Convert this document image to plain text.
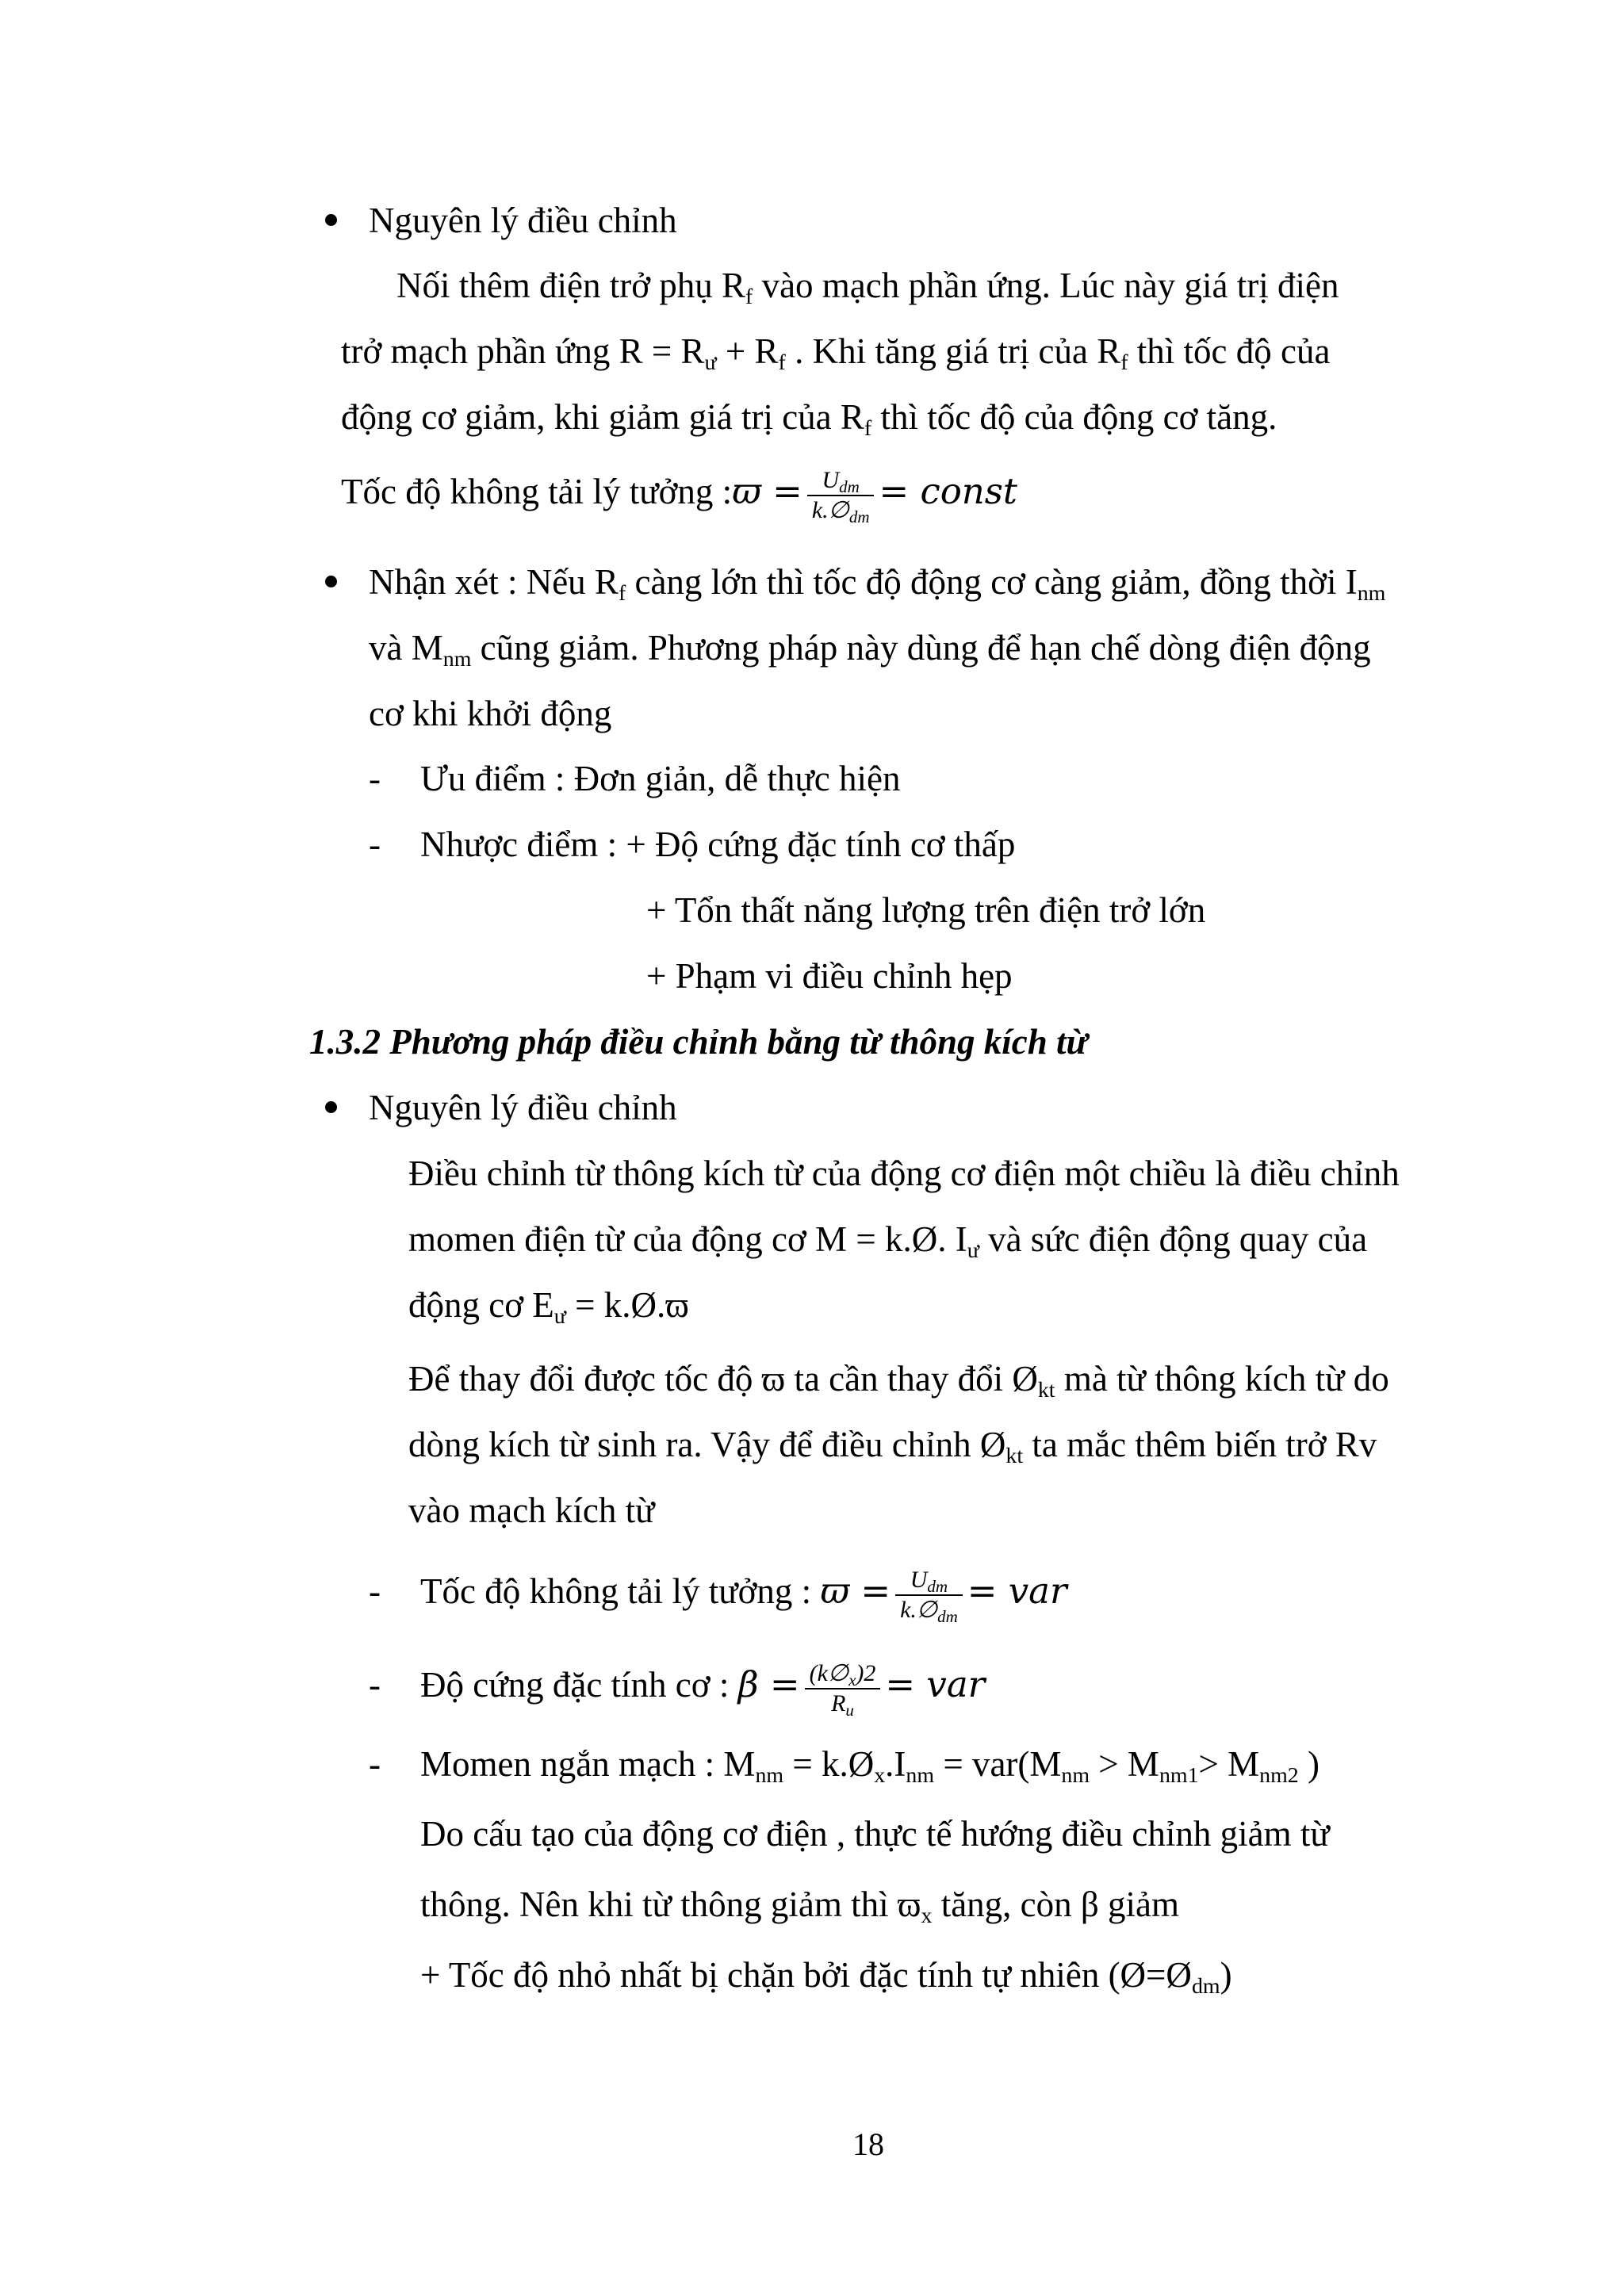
Nguyên lý điều chỉnh
Nối thêm điện trở phụ $R_f$ vào mạch phần ứng. Lúc này giá trị điện
trở mạch phần ứng $R = R_ư + R_f$ . Khi tăng giá trị của $R_f$ thì tốc độ của
động cơ giảm, khi giảm giá trị của $R_f$ thì tốc độ của động cơ tăng.
Tốc độ không tải lý tưởng :ϖ = $\frac{U_{dm}}{k.\emptyset_{dm}}$ = const
Nhận xét : Nếu $R_f$ càng lớn thì tốc độ động cơ càng giảm, đồng thời $I_{nm}$
và $M_{nm}$ cũng giảm. Phương pháp này dùng để hạn chế dòng điện động
cơ khi khởi động
- Ưu điểm : Đơn giản, dễ thực hiện
- Nhược điểm : + Độ cứng đặc tính cơ thấp
+ Tổn thất năng lượng trên điện trở lớn
+ Phạm vi điều chỉnh hẹp
1.3.2 Phương pháp điều chỉnh bằng từ thông kích từ
Nguyên lý điều chỉnh
Điều chỉnh từ thông kích từ của động cơ điện một chiều là điều chỉnh
momen điện từ của động cơ M = k.Ø. $I_ư$ và sức điện động quay của
động cơ $E_ư$ = k.Ø.ϖ
Để thay đổi được tốc độ ϖ ta cần thay đổi $Ø_{kt}$ mà từ thông kích từ do
dòng kích từ sinh ra. Vậy để điều chỉnh $Ø_{kt}$ ta mắc thêm biến trở Rv
vào mạch kích từ
- Tốc độ không tải lý tưởng : $ϖ = \frac{U_{dm}}{k.\emptyset_{dm}}$ = var
- Độ cứng đặc tính cơ : $\beta = \frac{(k\emptyset_x)2}{R_u}$ = var
- Momen ngắn mạch : $M_{nm}$ = $k.Ø_x.I_{nm} = var(M_{nm} > M_{nm1}> M_{nm2}$ )
Do cấu tạo của động cơ điện , thực tế hướng điều chỉnh giảm từ
thông. Nên khi từ thông giảm thì $ϖ_x$ tăng, còn β giảm
+ Tốc độ nhỏ nhất bị chặn bởi đặc tính tự nhiên $(Ø=Ø_{dm})$
18
